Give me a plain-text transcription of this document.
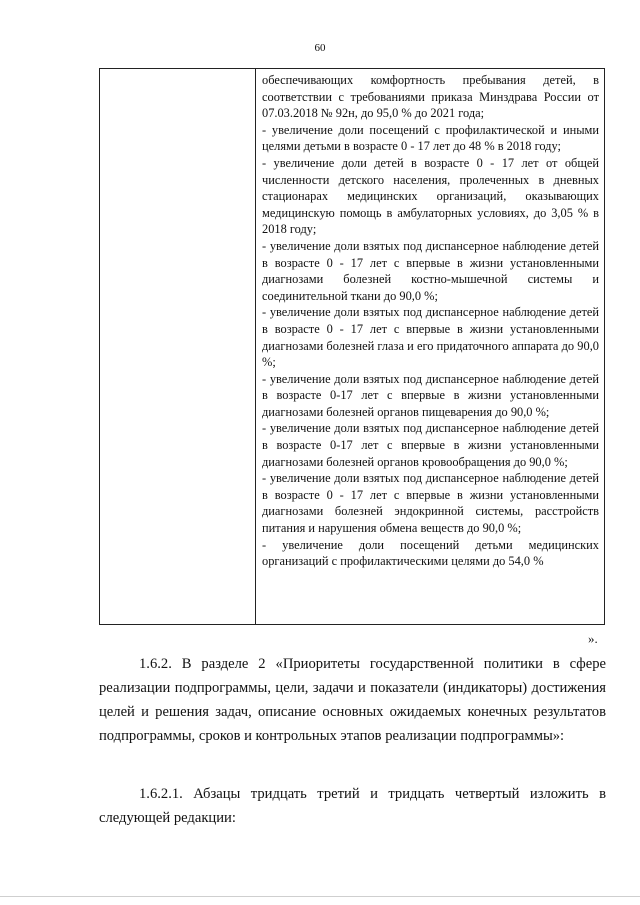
60

обеспечивающих комфортность пребывания детей, в соответствии с требованиями приказа Минздрава России от 07.03.2018 № 92н, до 95,0 % до 2021 года;

- увеличение доли посещений с профилактической и иными целями детьми в возрасте 0 - 17 лет до 48 % в 2018 году;

- увеличение доли детей в возрасте 0 - 17 лет от общей численности детского населения, пролеченных в дневных стационарах медицинских организаций, оказывающих медицинскую помощь в амбулаторных условиях, до 3,05 % в 2018 году;

- увеличение доли взятых под диспансерное наблюдение детей в возрасте 0 - 17 лет с впервые в жизни установленными диагнозами болезней костно-мышечной системы и соединительной ткани до 90,0 %;

- увеличение доли взятых под диспансерное наблюдение детей в возрасте 0 - 17 лет с впервые в жизни установленными диагнозами болезней глаза и его придаточного аппарата до 90,0 %;

- увеличение доли взятых под диспансерное наблюдение детей в возрасте 0-17 лет с впервые в жизни установленными диагнозами болезней органов пищеварения до 90,0 %;

- увеличение доли взятых под диспансерное наблюдение детей в возрасте 0-17 лет с впервые в жизни установленными диагнозами болезней органов кровообращения до 90,0 %;

- увеличение доли взятых под диспансерное наблюдение детей в возрасте 0 - 17 лет с впервые в жизни установленными диагнозами болезней эндокринной системы, расстройств питания и нарушения обмена веществ до 90,0 %;

- увеличение доли посещений детьми медицинских организаций с профилактическими целями до 54,0 %

».

1.6.2. В разделе 2 «Приоритеты государственной политики в сфере реализации подпрограммы, цели, задачи и показатели (индикаторы) достижения целей и решения задач, описание основных ожидаемых конечных результатов подпрограммы, сроков и контрольных этапов реализации подпрограммы»:

1.6.2.1. Абзацы тридцать третий и тридцать четвертый изложить в следующей редакции:
